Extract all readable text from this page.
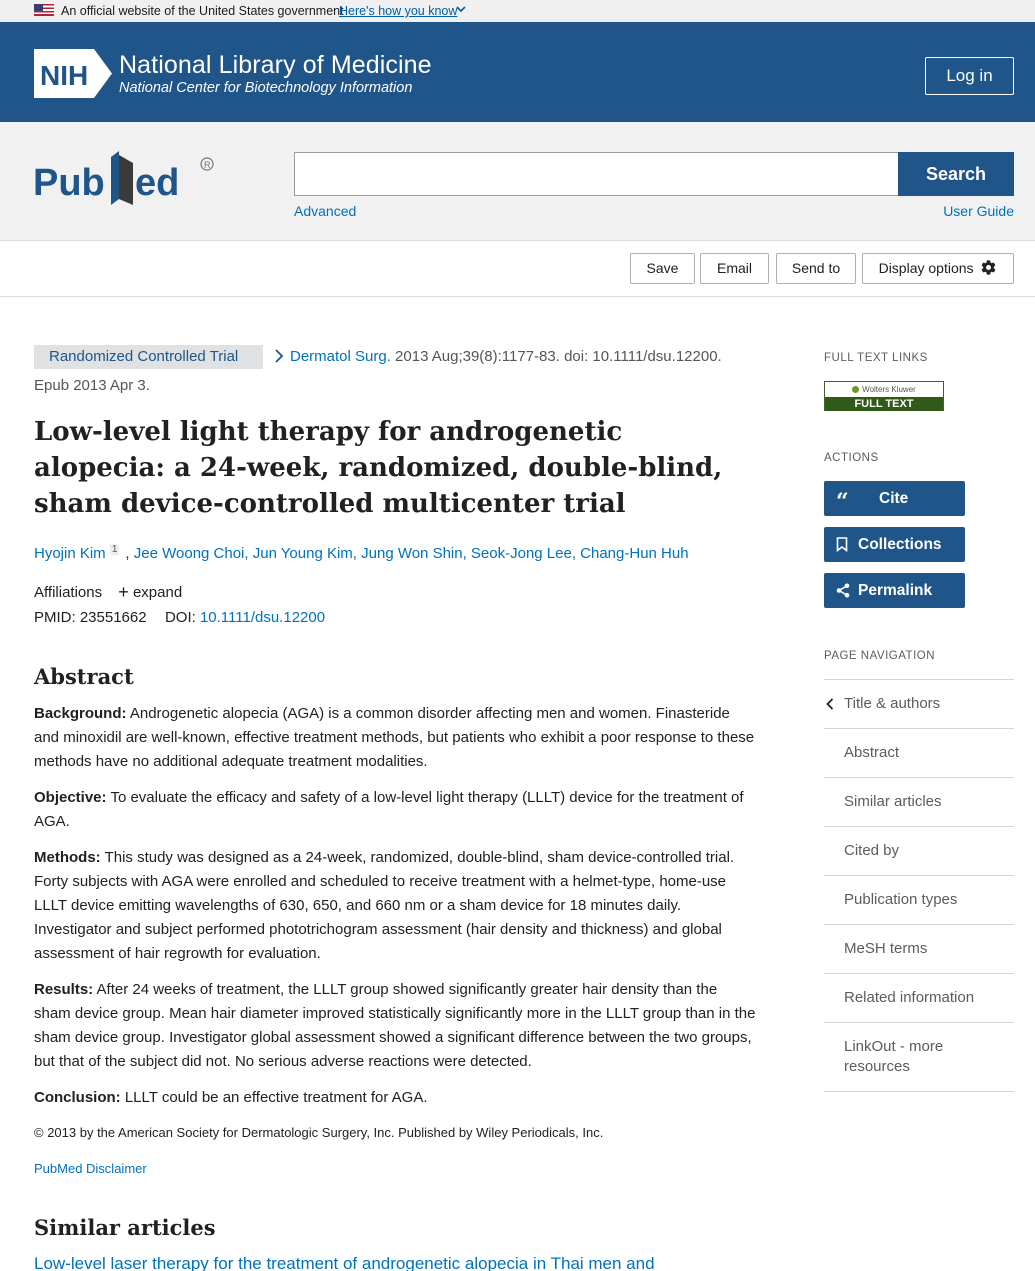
An official website of the United States government
Here's how you know
NIH National Library of Medicine
National Center for Biotechnology Information
Log in
Pub ed	R	Search
Advanced	User Guide
Save	Email	Send to	Display options
Randomized Controlled Trial	Dermatol Surg. 2013 Aug;39(8):1177-83. doi: 10.1111/dsu.12200.
Epub 2013 Apr 3.
Low-level light therapy for androgenetic alopecia: a 24-week, randomized, double-blind, sham device-controlled multicenter trial
Hyojin Kim $^1$ , Jee Woong Choi, Jun Young Kim, Jung Won Shin, Seok-Jong Lee, Chang-Hun Huh
Affiliations + expand
PMID: 23551662 DOI: 10.1111/dsu.12200
Abstract

Background: Androgenetic alopecia (AGA) is a common disorder affecting men and women. Finasteride and minoxidil are well-known, effective treatment methods, but patients who exhibit a poor response to these methods have no additional adequate treatment modalities.

Objective: To evaluate the efficacy and safety of a low-level light therapy (LLLT) device for the treatment of AGA.

Methods: This study was designed as a 24-week, randomized, double-blind, sham device-controlled trial. Forty subjects with AGA were enrolled and scheduled to receive treatment with a helmet-type, home-use LLLT device emitting wavelengths of 630, 650, and 660 nm or a sham device for 18 minutes daily. Investigator and subject performed phototrichogram assessment (hair density and thickness) and global assessment of hair regrowth for evaluation.

Results: After 24 weeks of treatment, the LLLT group showed significantly greater hair density than the sham device group. Mean hair diameter improved statistically significantly more in the LLLT group than in the sham device group. Investigator global assessment showed a significant difference between the two groups, but that of the subject did not. No serious adverse reactions were detected.

Conclusion: LLLT could be an effective treatment for AGA.

© 2013 by the American Society for Dermatologic Surgery, Inc. Published by Wiley Periodicals, Inc.
PubMed Disclaimer
Similar articles
Low-level laser therapy for the treatment of androgenetic alopecia in Thai men and
FULL TEXT LINKS
Wolters Kluwer
FULL TEXT
ACTIONS
“ Cite
Collections
Permalink
PAGE NAVIGATION
Title & authors
Abstract
Similar articles
Cited by
Publication types
MeSH terms
Related information
LinkOut - more resources
